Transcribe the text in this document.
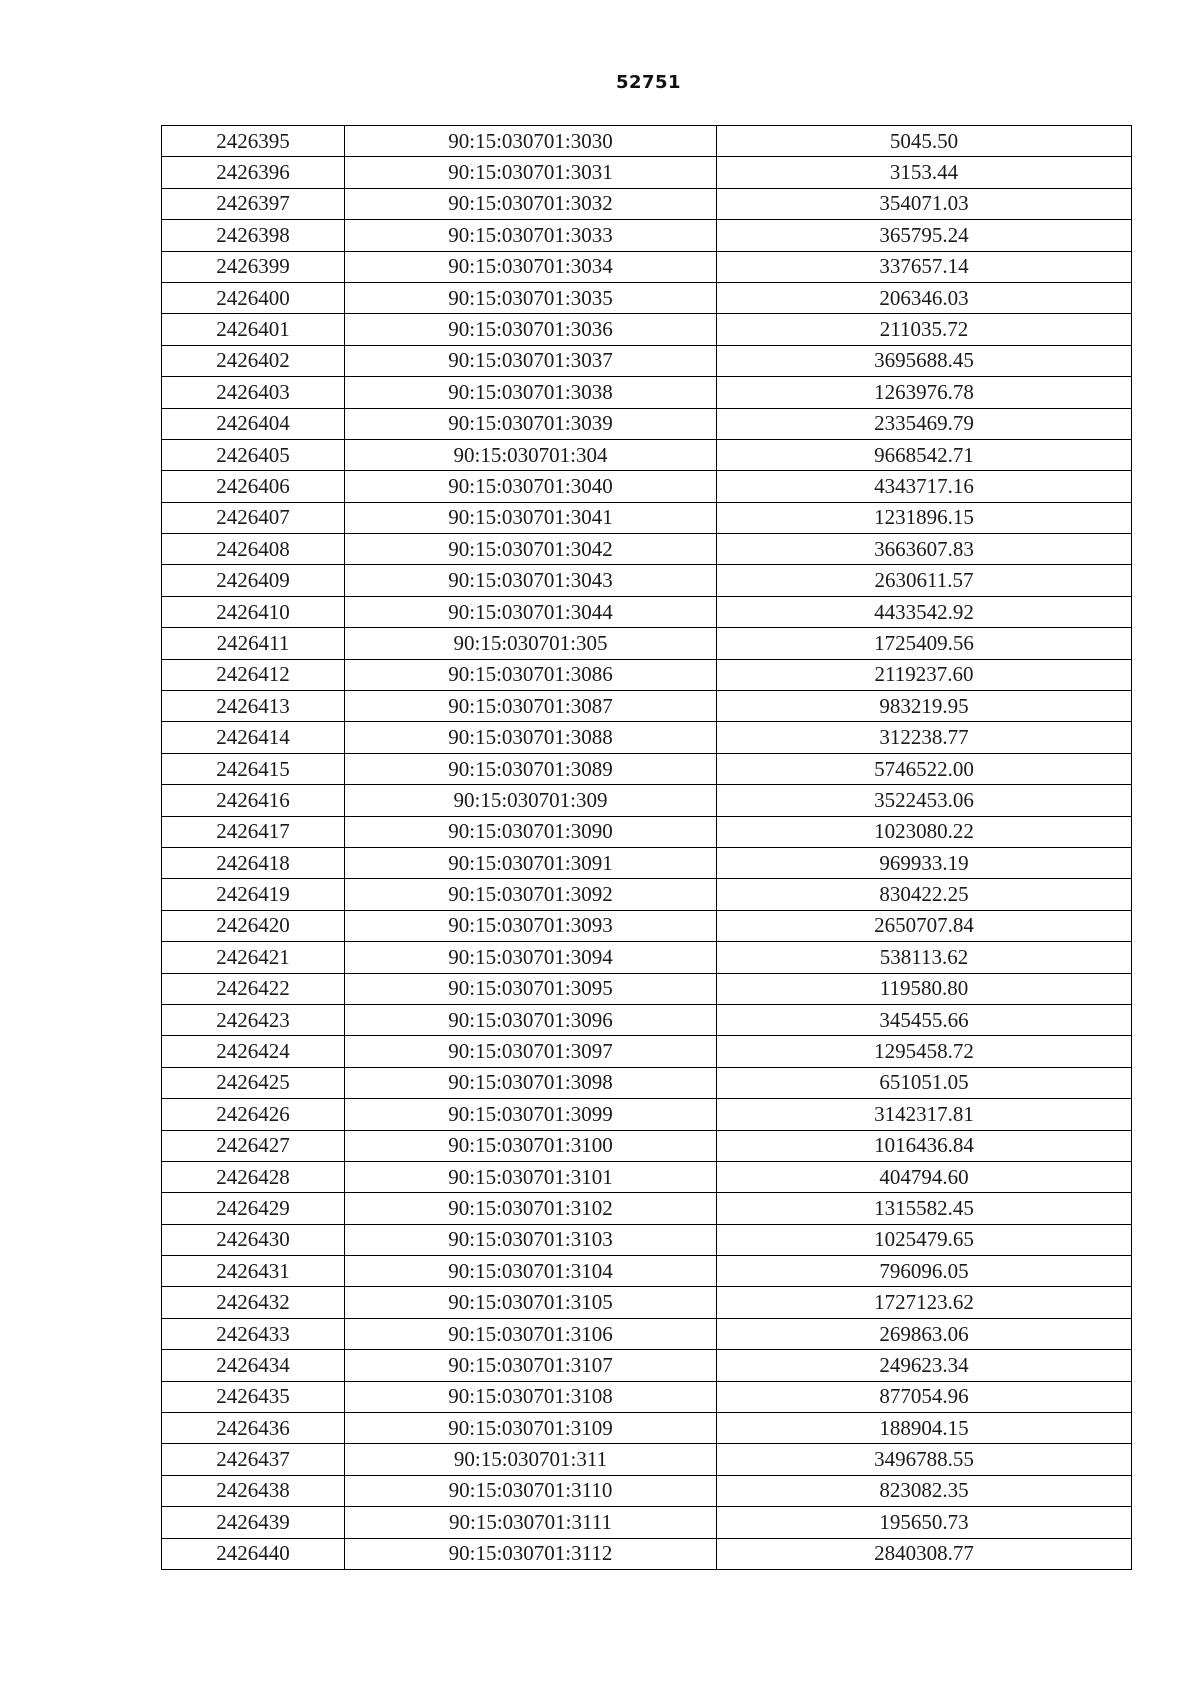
52751
2426395	90:15:030701:3030	5045.50
2426396	90:15:030701:3031	3153.44
2426397	90:15:030701:3032	354071.03
2426398	90:15:030701:3033	365795.24
2426399	90:15:030701:3034	337657.14
2426400	90:15:030701:3035	206346.03
2426401	90:15:030701:3036	211035.72
2426402	90:15:030701:3037	3695688.45
2426403	90:15:030701:3038	1263976.78
2426404	90:15:030701:3039	2335469.79
2426405	90:15:030701:304	9668542.71
2426406	90:15:030701:3040	4343717.16
2426407	90:15:030701:3041	1231896.15
2426408	90:15:030701:3042	3663607.83
2426409	90:15:030701:3043	2630611.57
2426410	90:15:030701:3044	4433542.92
2426411	90:15:030701:305	1725409.56
2426412	90:15:030701:3086	2119237.60
2426413	90:15:030701:3087	983219.95
2426414	90:15:030701:3088	312238.77
2426415	90:15:030701:3089	5746522.00
2426416	90:15:030701:309	3522453.06
2426417	90:15:030701:3090	1023080.22
2426418	90:15:030701:3091	969933.19
2426419	90:15:030701:3092	830422.25
2426420	90:15:030701:3093	2650707.84
2426421	90:15:030701:3094	538113.62
2426422	90:15:030701:3095	119580.80
2426423	90:15:030701:3096	345455.66
2426424	90:15:030701:3097	1295458.72
2426425	90:15:030701:3098	651051.05
2426426	90:15:030701:3099	3142317.81
2426427	90:15:030701:3100	1016436.84
2426428	90:15:030701:3101	404794.60
2426429	90:15:030701:3102	1315582.45
2426430	90:15:030701:3103	1025479.65
2426431	90:15:030701:3104	796096.05
2426432	90:15:030701:3105	1727123.62
2426433	90:15:030701:3106	269863.06
2426434	90:15:030701:3107	249623.34
2426435	90:15:030701:3108	877054.96
2426436	90:15:030701:3109	188904.15
2426437	90:15:030701:311	3496788.55
2426438	90:15:030701:3110	823082.35
2426439	90:15:030701:3111	195650.73
2426440	90:15:030701:3112	2840308.77
